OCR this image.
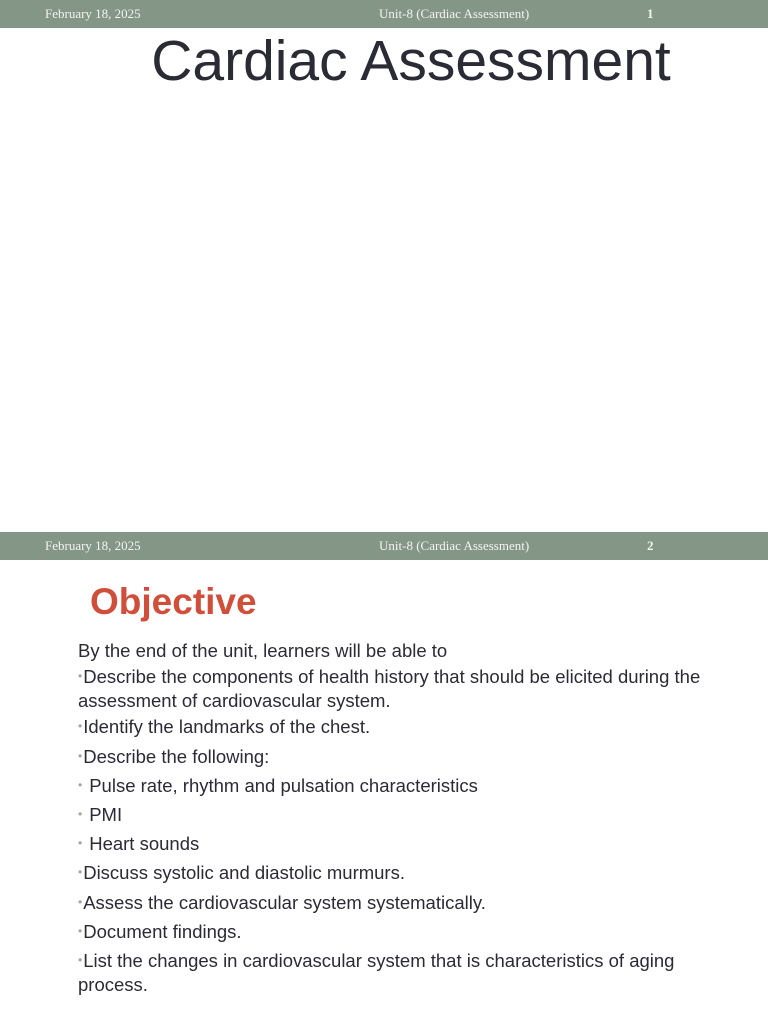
February 18, 2025	Unit-8 (Cardiac Assessment)	1
Cardiac Assessment
February 18, 2025	Unit-8 (Cardiac Assessment)	2
Objective
By the end of the unit, learners will be able to
•Describe the components of health history that should be elicited during the assessment of cardiovascular system.
•Identify the landmarks of the chest.
•Describe the following:
• Pulse rate, rhythm and pulsation characteristics
• PMI
• Heart sounds
•Discuss systolic and diastolic murmurs.
•Assess the cardiovascular system systematically.
•Document findings.
•List the changes in cardiovascular system that is characteristics of aging process.
